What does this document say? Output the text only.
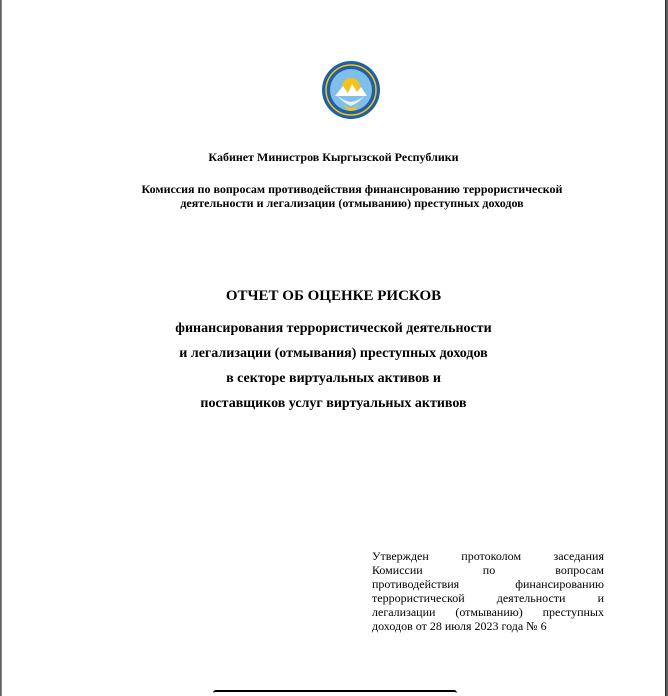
Кабинет Министров Кыргызской Республики
Комиссия по вопросам противодействия финансированию террористической
деятельности и легализации (отмыванию) преступных доходов
ОТЧЕТ ОБ ОЦЕНКЕ РИСКОВ
финансирования террористической деятельности
и легализации (отмывания) преступных доходов
в секторе виртуальных активов и
поставщиков услуг виртуальных активов
Утвержден протоколом заседания
Комиссии по вопросам
противодействия финансированию
террористической деятельности и
легализации (отмыванию) преступных
доходов от 28 июля 2023 года № 6
